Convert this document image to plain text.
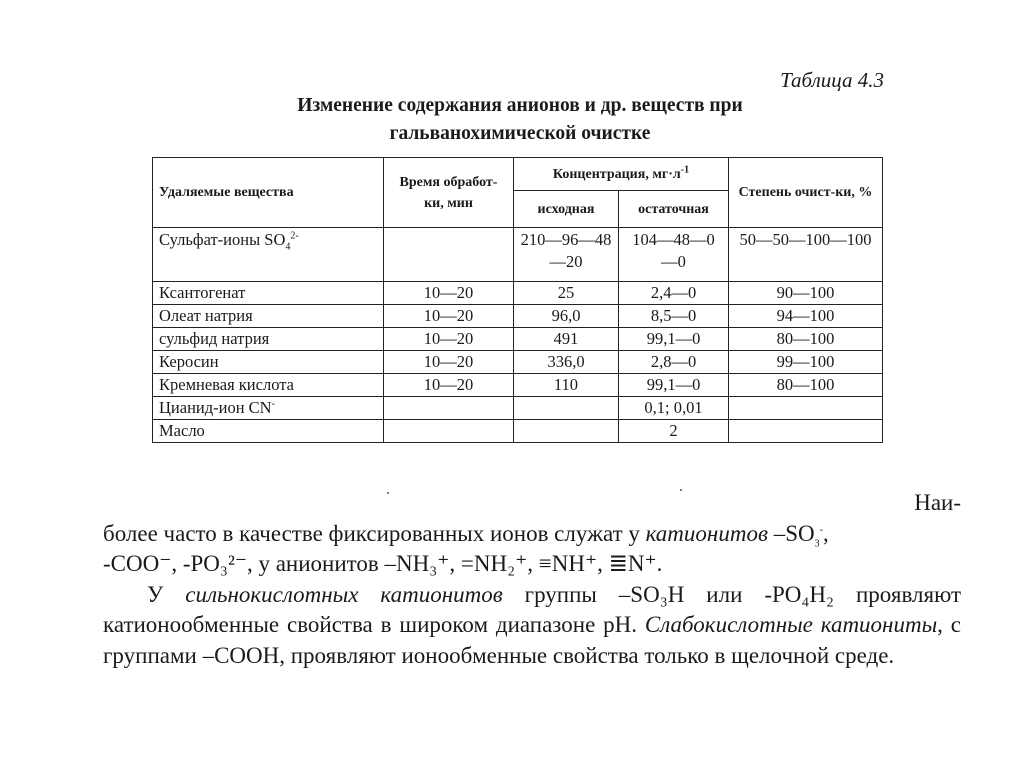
Таблица 4.3
Изменение содержания анионов и др. веществ при
гальванохимической очистке
Удаляемые вещества	Время обработ-ки, мин	Концентрация, $мг\cdot л^{-1}$		Степень очист-ки, %
		исходная	остаточная	
Сульфат-ионы $SO_4^{2-}$		210—96—48—20	104—48—0—0	50—50—100—100
Ксантогенат	10—20	25	2,4—0	90—100
Олеат натрия	10—20	96,0	8,5—0	94—100
сульфид натрия	10—20	491	99,1—0	80—100
Керосин	10—20	336,0	2,8—0	99—100
Кремневая кислота	10—20	110	99,1—0	80—100
Цианид-ион CN-			0,1; 0,01	
Масло			2	
Наи-
более часто в качестве фиксированных ионов служат у катионитов $-SO_3^-$,
-COO⁻, -PO₃²⁻, у анионитов –NH₃⁺, =NH₂⁺, ≡NH⁺, ≣N⁺.
У сильнокислотных катионитов группы –SO₃H или -PO₄H₂ проявляют катионообменные свойства в широком диапазоне pH. Слабокислотные катиониты, с группами –COOH, проявляют ионообменные свойства только в щелочной среде.
